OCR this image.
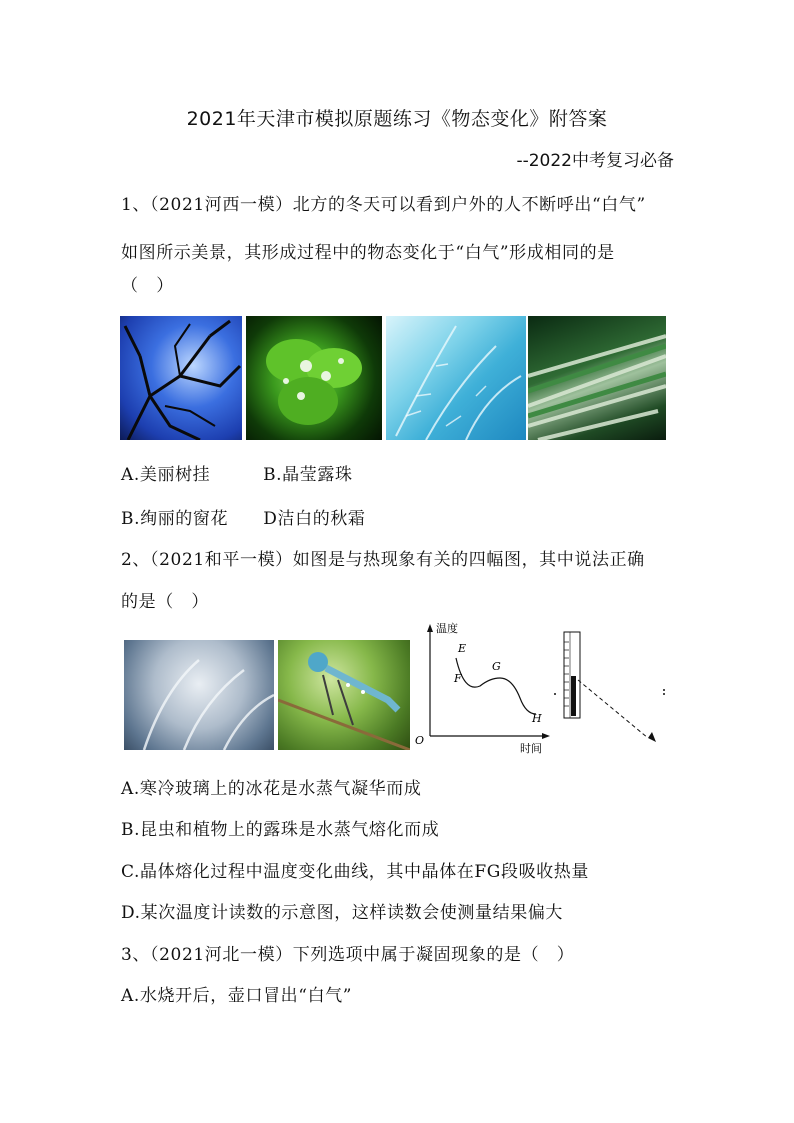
2021年天津市模拟原题练习《物态变化》附答案
--2022中考复习必备
1、（2021河西一模）北方的冬天可以看到户外的人不断呼出“白气”
如图所示美景，其形成过程中的物态变化于“白气”形成相同的是
（　）
A.美丽树挂　　　B.晶莹露珠
B.绚丽的窗花　　D洁白的秋霜
2、（2021和平一模）如图是与热现象有关的四幅图，其中说法正确
的是（　）
温度
时间
O
E
F
G
H
A.寒冷玻璃上的冰花是水蒸气凝华而成
B.昆虫和植物上的露珠是水蒸气熔化而成
C.晶体熔化过程中温度变化曲线，其中晶体在FG段吸收热量
D.某次温度计读数的示意图，这样读数会使测量结果偏大
3、（2021河北一模）下列选项中属于凝固现象的是（　）
A.水烧开后，壶口冒出“白气”
